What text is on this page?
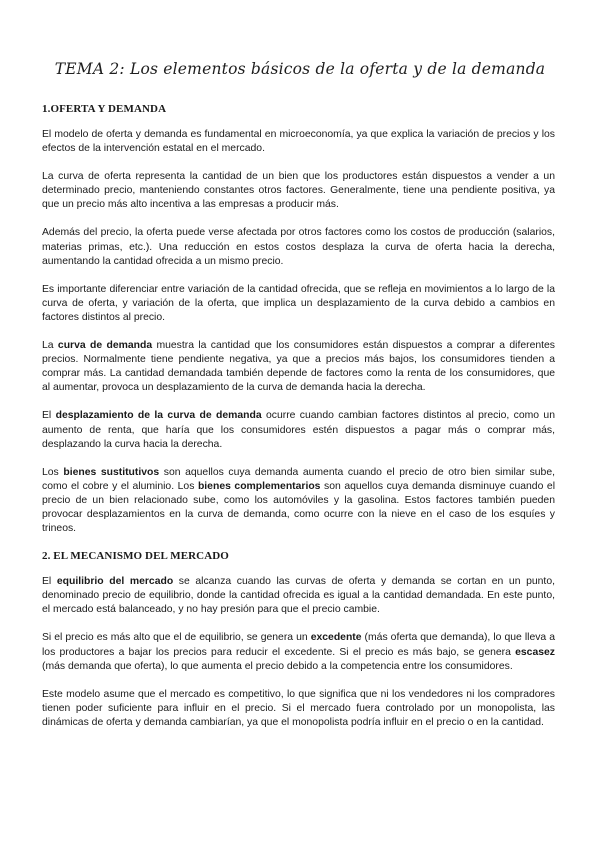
TEMA 2: Los elementos básicos de la oferta y de la demanda
1.OFERTA Y DEMANDA

El modelo de oferta y demanda es fundamental en microeconomía, ya que explica la variación de precios y los efectos de la intervención estatal en el mercado.

La curva de oferta representa la cantidad de un bien que los productores están dispuestos a vender a un determinado precio, manteniendo constantes otros factores. Generalmente, tiene una pendiente positiva, ya que un precio más alto incentiva a las empresas a producir más.

Además del precio, la oferta puede verse afectada por otros factores como los costos de producción (salarios, materias primas, etc.). Una reducción en estos costos desplaza la curva de oferta hacia la derecha, aumentando la cantidad ofrecida a un mismo precio.

Es importante diferenciar entre variación de la cantidad ofrecida, que se refleja en movimientos a lo largo de la curva de oferta, y variación de la oferta, que implica un desplazamiento de la curva debido a cambios en factores distintos al precio.

La curva de demanda muestra la cantidad que los consumidores están dispuestos a comprar a diferentes precios. Normalmente tiene pendiente negativa, ya que a precios más bajos, los consumidores tienden a comprar más. La cantidad demandada también depende de factores como la renta de los consumidores, que al aumentar, provoca un desplazamiento de la curva de demanda hacia la derecha.

El desplazamiento de la curva de demanda ocurre cuando cambian factores distintos al precio, como un aumento de renta, que haría que los consumidores estén dispuestos a pagar más o comprar más, desplazando la curva hacia la derecha.

Los bienes sustitutivos son aquellos cuya demanda aumenta cuando el precio de otro bien similar sube, como el cobre y el aluminio. Los bienes complementarios son aquellos cuya demanda disminuye cuando el precio de un bien relacionado sube, como los automóviles y la gasolina. Estos factores también pueden provocar desplazamientos en la curva de demanda, como ocurre con la nieve en el caso de los esquíes y trineos.

2. EL MECANISMO DEL MERCADO

El equilibrio del mercado se alcanza cuando las curvas de oferta y demanda se cortan en un punto, denominado precio de equilibrio, donde la cantidad ofrecida es igual a la cantidad demandada. En este punto, el mercado está balanceado, y no hay presión para que el precio cambie.

Si el precio es más alto que el de equilibrio, se genera un excedente (más oferta que demanda), lo que lleva a los productores a bajar los precios para reducir el excedente. Si el precio es más bajo, se genera escasez (más demanda que oferta), lo que aumenta el precio debido a la competencia entre los consumidores.

Este modelo asume que el mercado es competitivo, lo que significa que ni los vendedores ni los compradores tienen poder suficiente para influir en el precio. Si el mercado fuera controlado por un monopolista, las dinámicas de oferta y demanda cambiarían, ya que el monopolista podría influir en el precio o en la cantidad.
